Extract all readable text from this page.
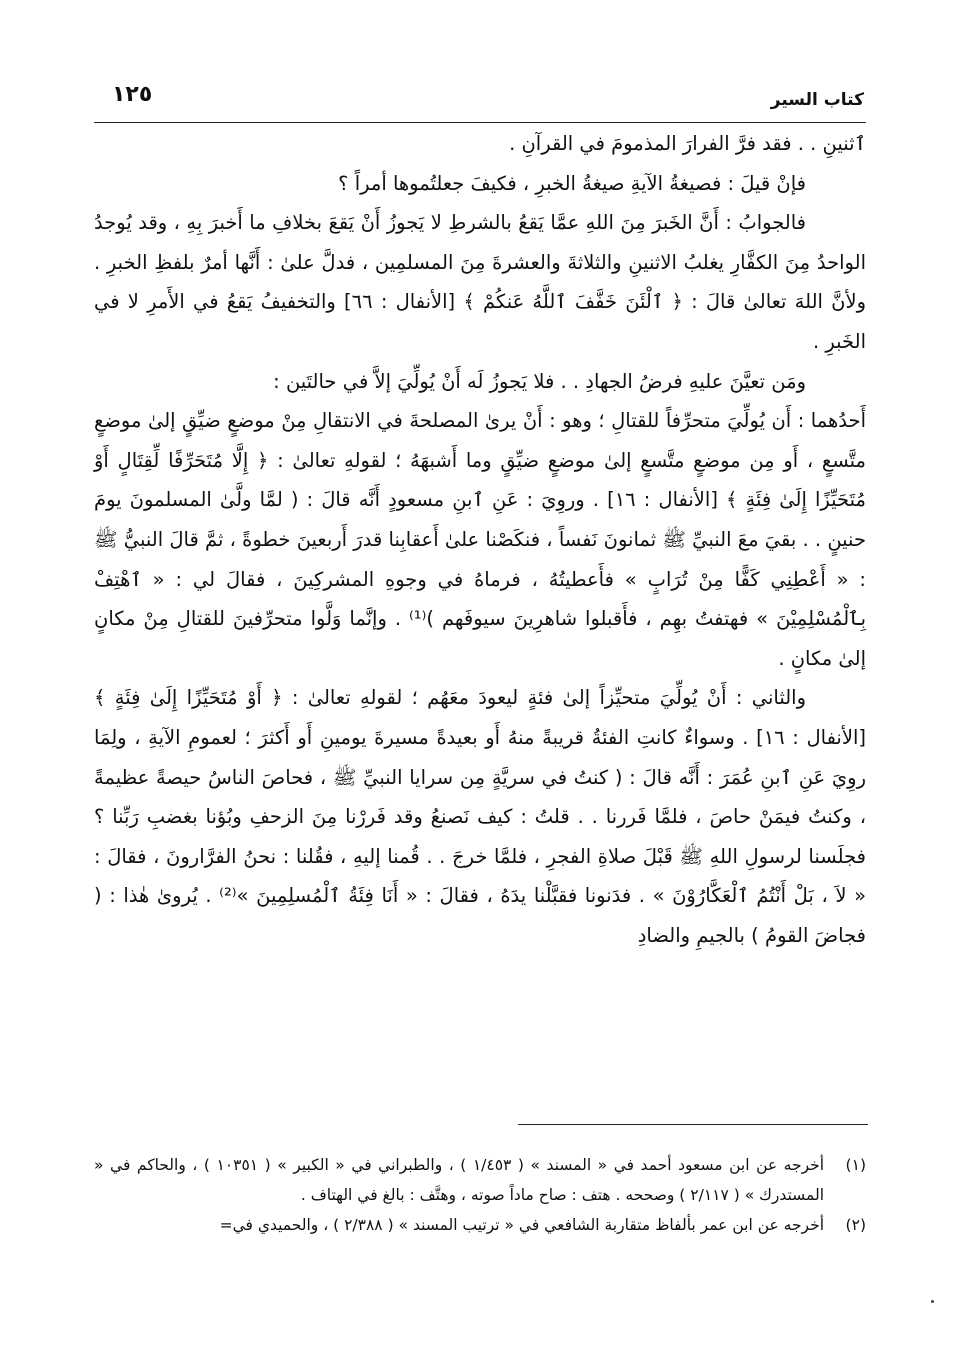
كتاب السير
١٢٥

ٱثنينِ . . فقد فرَّ الفرارَ المذمومَ في القرآنِ .

فإنْ قيلَ : فصيغةُ الآيةِ صيغةُ الخبرِ ، فكيفَ جعلتُموها أمراً ؟

فالجوابُ : أَنَّ الخَبرَ مِنَ اللهِ عمَّا يَقعُ بالشرطِ لا يَجوزُ أَنْ يَقعَ بخلافِ ما أَخبرَ بِهِ ، وقد يُوجدُ الواحدُ مِنَ الكفَّارِ يغلبُ الاثنينِ والثلاثةَ والعشرةَ مِنَ المسلمِين ، فدلَّ علىٰ : أَنَّها أمرٌ بلفظِ الخبرِ . ولأنَّ اللهَ تعالىٰ قالَ : ﴿ ٱلْئَنَ خَفَّفَ ٱللَّهُ عَنكُمْ ﴾ [الأنفال : ٦٦] والتخفيفُ يَقعُ في الأَمرِ لا في الخَبرِ .

ومَن تعيَّنَ عليهِ فرضُ الجهادِ . . فلا يَجوزُ لَه أَنْ يُولِّيَ إلاَّ في حالتَين :

أَحدُهما : أَن يُولِّيَ متحرِّفاً للقتالِ ؛ وهو : أَنْ يرىٰ المصلحةَ في الانتقالِ مِنْ موضعٍ ضيِّقٍ إلىٰ موضعٍ متَّسعٍ ، أَو مِن موضعٍ متَّسعٍ إلىٰ موضعٍ ضيِّقٍ وما أَشبهَهُ ؛ لقولهِ تعالىٰ : ﴿ إِلَّا مُتَحَرِّفًا لِّقِتَالٍ أَوْ مُتَحَيِّزًا إِلَىٰ فِئَةٍ ﴾ [الأنفال : ١٦] . وروِيَ : عَنِ ٱبنِ مسعودٍ أَنَّه قالَ : ( لمَّا ولَّىٰ المسلمونَ يومَ حنينٍ . . بقيَ معَ النبيِّ ﷺ ثمانونَ نَفساً ، فنكَصْنا علىٰ أَعقابِنا قدرَ أَربعينَ خطوةً ، ثمَّ قالَ النبيُّ ﷺ : « أَعْطِنِي كَفًّا مِنْ تُرَابٍ » فأَعطيتُهُ ، فرماهُ في وجوهِ المشركِينَ ، فقالَ لي : « ٱهْتِفْ بِٱلْمُسْلِمِيْنَ » فهتفتُ بهِم ، فأَقبلوا شاهرِينَ سيوفَهم )⁽¹⁾ . وإنَّما وَلَّوا متحرِّفينَ للقتالِ مِنْ مكانٍ إلىٰ مكانٍ .

والثاني : أَنْ يُولِّيَ متحيِّزاً إلىٰ فئةٍ ليعودَ معَهُم ؛ لقولهِ تعالىٰ : ﴿ أَوْ مُتَحَيِّزًا إِلَىٰ فِئَةٍ ﴾ [الأنفال : ١٦] . وسواءٌ كانتِ الفئةُ قريبةً منهُ أَو بعيدةً مسيرةَ يومينِ أَو أَكثرَ ؛ لعمومِ الآيةِ ، ولِمَا روِيَ عَنِ ٱبنِ عُمَرَ : أَنَّه قالَ : ( كنتُ في سريَّةٍ مِن سرايا النبيِّ ﷺ ، فحاصَ الناسُ حيصةً عظيمةً ، وكنتُ فيمَنْ حاصَ ، فلمَّا فَررنا . . قلتُ : كيف نَصنعُ وقد فَررْنا مِنَ الزحفِ وبُؤنا بغضبِ رَبِّنا ؟ فجلَسنا لرسولِ اللهِ ﷺ قَبْلَ صلاةِ الفجرِ ، فلمَّا خرجَ . . قُمنا إليهِ ، فقُلنا : نحنُ الفرَّارونَ ، فقالَ : « لاَ ، بَلْ أَنْتُمُ ٱلْعَكَّارُوْنَ » . فدَنونا فقبَّلْنا يدَهُ ، فقالَ : « أَنَا فِئَةُ ٱلْمُسلِمِينَ »⁽²⁾ . يُروىٰ هٰذا : ( فجاضَ القومُ ) بالجيمِ والضادِ

(١)
أخرجه عن ابن مسعود أحمد في « المسند » ( ١/٤٥٣ ) ، والطبراني في « الكبير » ( ١٠٣٥١ ) ، والحاكم في « المستدرك » ( ٢/١١٧ ) وصححه . هتف : صاح ماداً صوته ، وهتَّف : بالغ في الهتاف .
(٢)
أخرجه عن ابن عمر بألفاظ متقاربة الشافعي في « ترتيب المسند » ( ٢/٣٨٨ ) ، والحميدي في=
